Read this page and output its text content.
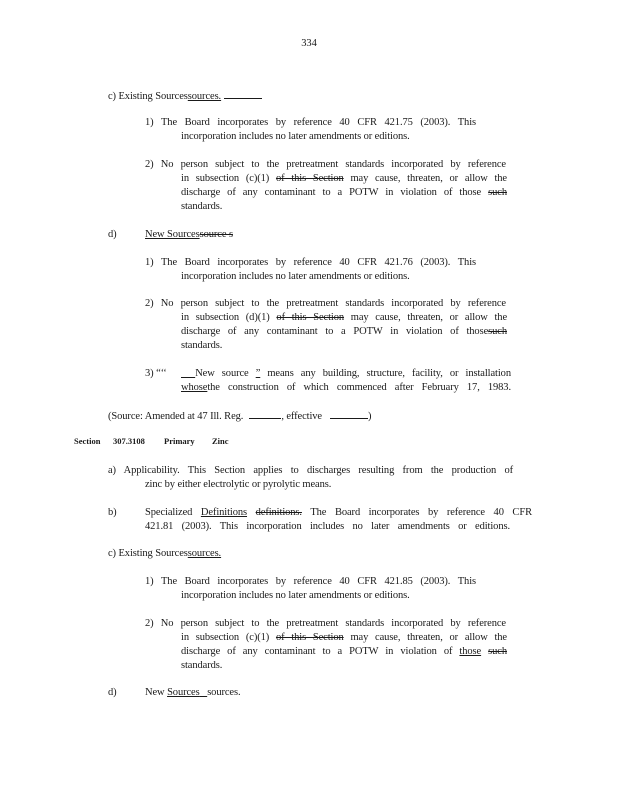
334
c) Existing Sourcessources.
1) The Board incorporates by reference 40 CFR 421.75 (2003). This
incorporation includes no later amendments or editions.
2) No person subject to the pretreatment standards incorporated by reference
in subsection (c)(1) of this Section may cause, threaten, or allow the
discharge of any contaminant to a POTW in violation of those such
standards.
d)	New Sourcessource s
1) The Board incorporates by reference 40 CFR 421.76 (2003). This
incorporation includes no later amendments or editions.
2) No person subject to the pretreatment standards incorporated by reference
in subsection (d)(1) of this Section may cause, threaten, or allow the
discharge of any contaminant to a POTW in violation of thosesuch
standards.
3) “‘‘	New source ” means any building, structure, facility, or installation
whosethe construction of which commenced after February 17, 1983.
(Source: Amended at 47 Ill. Reg.	, effective	)
Section 307.3108 Primary Zinc
a) Applicability. This Section applies to discharges resulting from the production of
zinc by either electrolytic or pyrolytic means.
b)	Specialized Definitions definitions. The Board incorporates by reference 40 CFR
421.81 (2003). This incorporation includes no later amendments or editions.
c) Existing Sourcessources.
1) The Board incorporates by reference 40 CFR 421.85 (2003). This
incorporation includes no later amendments or editions.
2) No person subject to the pretreatment standards incorporated by reference
in subsection (c)(1) of this Section may cause, threaten, or allow the
discharge of any contaminant to a POTW in violation of those such
standards.
d)	New Sources sources.
